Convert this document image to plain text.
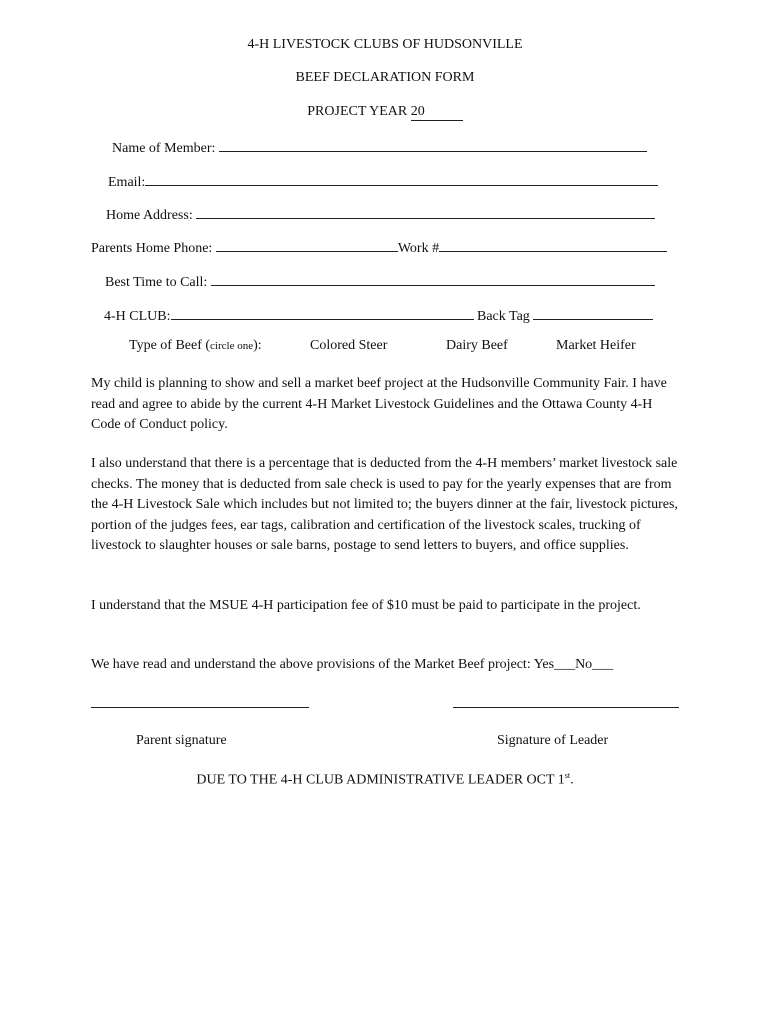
4-H LIVESTOCK CLUBS OF HUDSONVILLE
BEEF DECLARATION FORM
PROJECT YEAR 20
Name of Member:
Email:
Home Address:
Parents Home Phone:	Work #
Best Time to Call:
4-H CLUB:	Back Tag
Type of Beef (circle one):	Colored Steer	Dairy Beef	Market Heifer
My child is planning to show and sell a market beef project at the Hudsonville Community Fair. I have read and agree to abide by the current 4-H Market Livestock Guidelines and the Ottawa County 4-H Code of Conduct policy.
I also understand that there is a percentage that is deducted from the 4-H members’ market livestock sale checks. The money that is deducted from sale check is used to pay for the yearly expenses that are from the 4-H Livestock Sale which includes but not limited to; the buyers dinner at the fair, livestock pictures, portion of the judges fees, ear tags, calibration and certification of the livestock scales, trucking of livestock to slaughter houses or sale barns, postage to send letters to buyers, and office supplies.
I understand that the MSUE 4-H participation fee of $10 must be paid to participate in the project.
We have read and understand the above provisions of the Market Beef project: Yes___No___
Parent signature	Signature of Leader
DUE TO THE 4-H CLUB ADMINISTRATIVE LEADER OCT 1st.
